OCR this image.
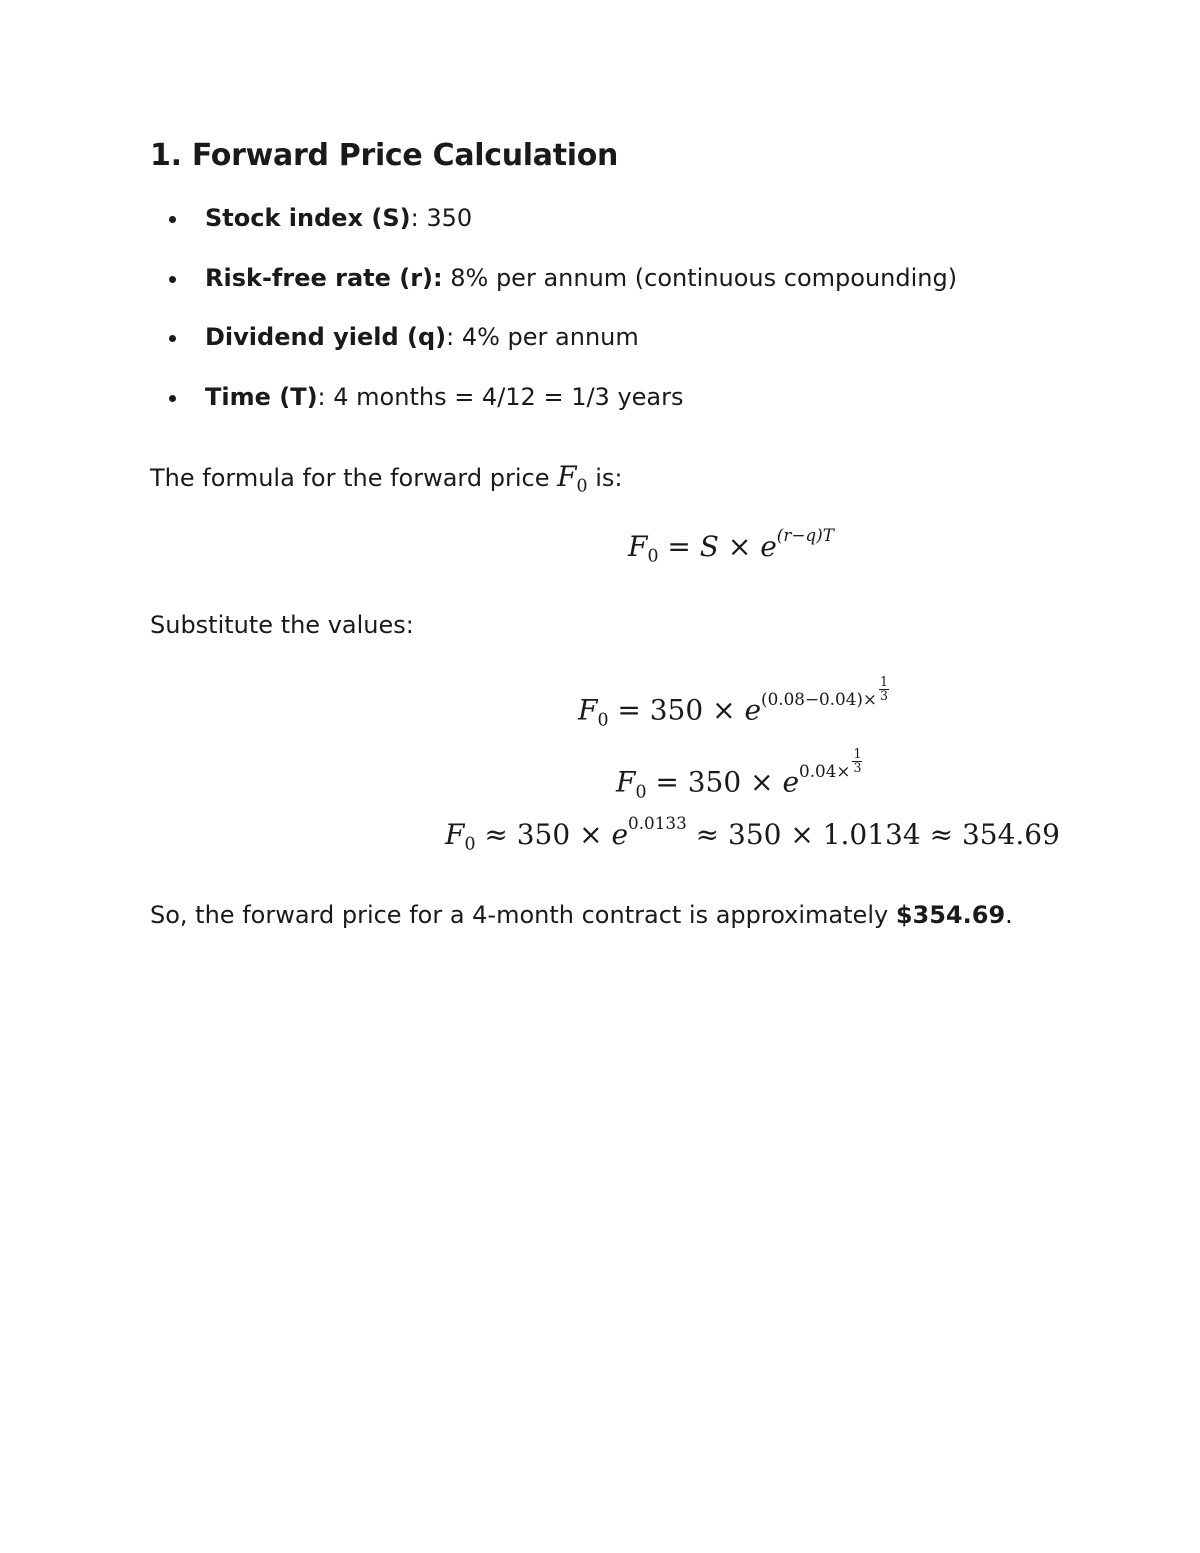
1. Forward Price Calculation
Stock index (S): 350
Risk-free rate (r): 8% per annum (continuous compounding)
Dividend yield (q): 4% per annum
Time (T): 4 months = 4/12 = 1/3 years

The formula for the forward price $F_0$ is:

$F_0 = S \times e^{(r-q)T}$

Substitute the values:

$F_0 = 350 \times e^{(0.08-0.04)\times \frac{1}{3}}$
$F_0 = 350 \times e^{0.04\times \frac{1}{3}}$
$F_0 \approx 350 \times e^{0.0133} \approx 350 \times 1.0134 \approx 354.69$

So, the forward price for a 4-month contract is approximately $354.69.
